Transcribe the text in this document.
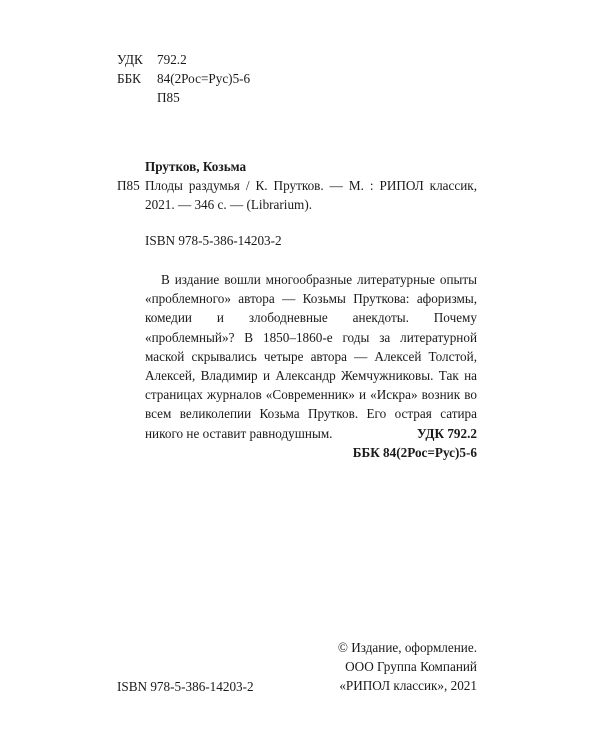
УДК	792.2
ББК	84(2Рос=Рус)5-6
П85
Прутков, Козьма
П85 Плоды раздумья / К. Прутков. — М. : РИПОЛ классик, 2021. — 346 с. — (Librarium).
ISBN 978-5-386-14203-2
В издание вошли многообразные литературные опыты «проблемного» автора — Козьмы Пруткова: афоризмы, комедии и злободневные анекдоты. Почему «проблемный»? В 1850–1860-е годы за литературной маской скрывались четыре автора — Алексей Толстой, Алексей, Владимир и Александр Жемчужниковы. Так на страницах журналов «Современник» и «Искра» возник во всем великолепии Козьма Прутков. Его острая сатира никого не оставит равнодушным.	УДК 792.2
ББК 84(2Рос=Рус)5-6
© Издание, оформление.
ООО Группа Компаний
«РИПОЛ классик», 2021
ISBN 978-5-386-14203-2
